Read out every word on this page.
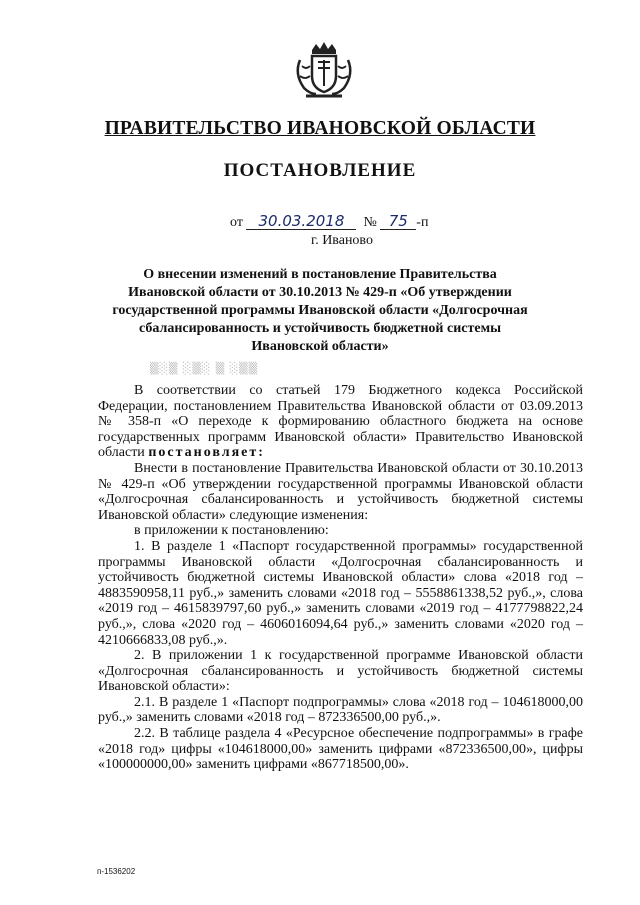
ПРАВИТЕЛЬСТВО ИВАНОВСКОЙ ОБЛАСТИ
ПОСТАНОВЛЕНИЕ
от 30.03.2018 № 75 -п
г. Иваново
О внесении изменений в постановление Правительства Ивановской области от 30.10.2013 № 429-п «Об утверждении государственной программы Ивановской области «Долгосрочная сбалансированность и устойчивость бюджетной системы Ивановской области»
▒░▒ ░▒░ ▒ ░▒▒

В соответствии со статьей 179 Бюджетного кодекса Российской Федерации, постановлением Правительства Ивановской области от 03.09.2013 № 358-п «О переходе к формированию областного бюджета на основе государственных программ Ивановской области» Правительство Ивановской области постановляет:

Внести в постановление Правительства Ивановской области от 30.10.2013 № 429-п «Об утверждении государственной программы Ивановской области «Долгосрочная сбалансированность и устойчивость бюджетной системы Ивановской области» следующие изменения:

в приложении к постановлению:

1. В разделе 1 «Паспорт государственной программы» государственной программы Ивановской области «Долгосрочная сбалансированность и устойчивость бюджетной системы Ивановской области» слова «2018 год – 4883590958,11 руб.,» заменить словами «2018 год – 5558861338,52 руб.,», слова «2019 год – 4615839797,60 руб.,» заменить словами «2019 год – 4177798822,24 руб.,», слова «2020 год – 4606016094,64 руб.,» заменить словами «2020 год – 4210666833,08 руб.,».

2. В приложении 1 к государственной программе Ивановской области «Долгосрочная сбалансированность и устойчивость бюджетной системы Ивановской области»:

2.1. В разделе 1 «Паспорт подпрограммы» слова «2018 год – 104618000,00 руб.,» заменить словами «2018 год – 872336500,00 руб.,».

2.2. В таблице раздела 4 «Ресурсное обеспечение подпрограммы» в графе «2018 год» цифры «104618000,00» заменить цифрами «872336500,00», цифры «100000000,00» заменить цифрами «867718500,00».

п-1536202
